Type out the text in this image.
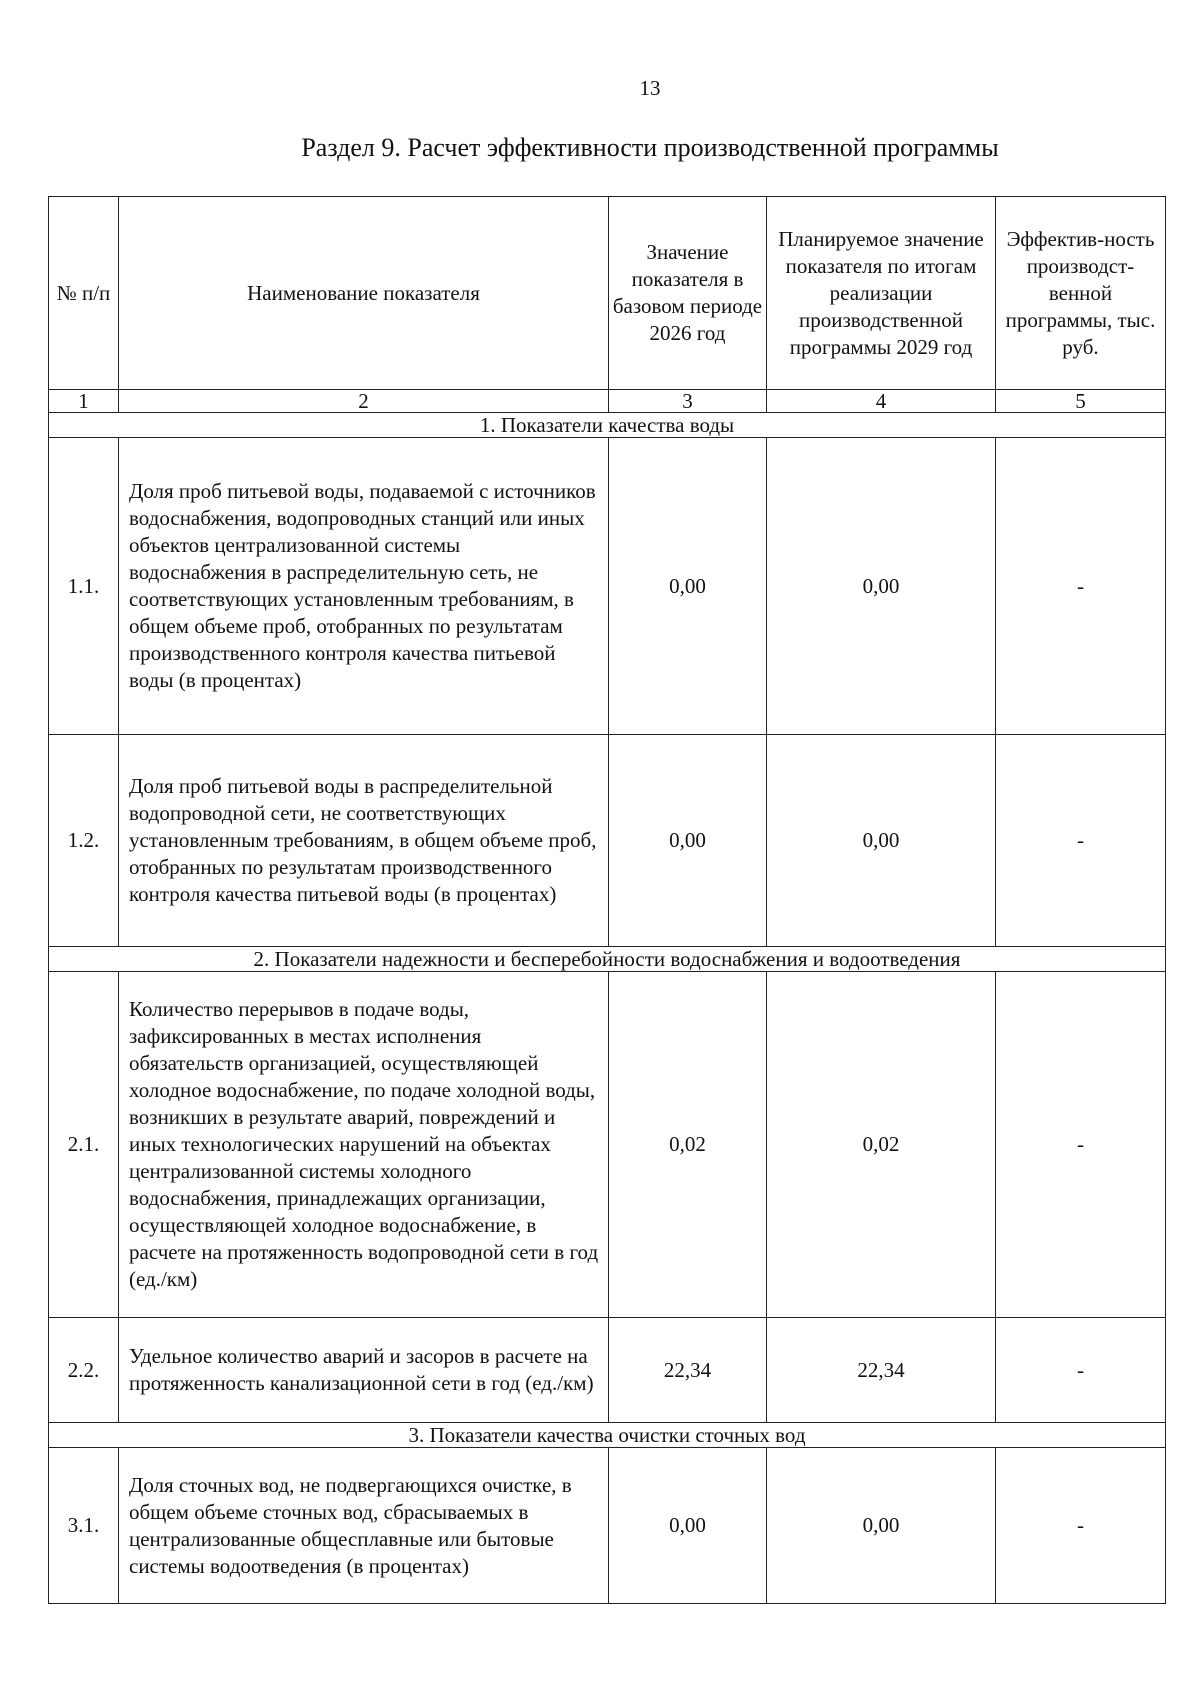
13
Раздел 9. Расчет эффективности производственной программы
№ п/п	Наименование показателя	Значение показателя в базовом периоде 2026 год	Планируемое значение показателя по итогам реализации производственной программы 2029 год	Эффектив-ность производст-венной программы, тыс. руб.
1	2	3	4	5
1. Показатели качества воды				
1.1.	Доля проб питьевой воды, подаваемой с источников водоснабжения, водопроводных станций или иных объектов централизованной системы водоснабжения в распределительную сеть, не соответствующих установленным требованиям, в общем объеме проб, отобранных по результатам производственного контроля качества питьевой воды (в процентах)	0,00	0,00	-
1.2.	Доля проб питьевой воды в распределительной водопроводной сети, не соответствующих установленным требованиям, в общем объеме проб, отобранных по результатам производственного контроля качества питьевой воды (в процентах)	0,00	0,00	-
2. Показатели надежности и бесперебойности водоснабжения и водоотведения				
2.1.	Количество перерывов в подаче воды, зафиксированных в местах исполнения обязательств организацией, осуществляющей холодное водоснабжение, по подаче холодной воды, возникших в результате аварий, повреждений и иных технологических нарушений на объектах централизованной системы холодного водоснабжения, принадлежащих организации, осуществляющей холодное водоснабжение, в расчете на протяженность водопроводной сети в год (ед./км)	0,02	0,02	-
2.2.	Удельное количество аварий и засоров в расчете на протяженность канализационной сети в год (ед./км)	22,34	22,34	-
3. Показатели качества очистки сточных вод				
3.1.	Доля сточных вод, не подвергающихся очистке, в общем объеме сточных вод, сбрасываемых в централизованные общесплавные или бытовые системы водоотведения (в процентах)	0,00	0,00	-
